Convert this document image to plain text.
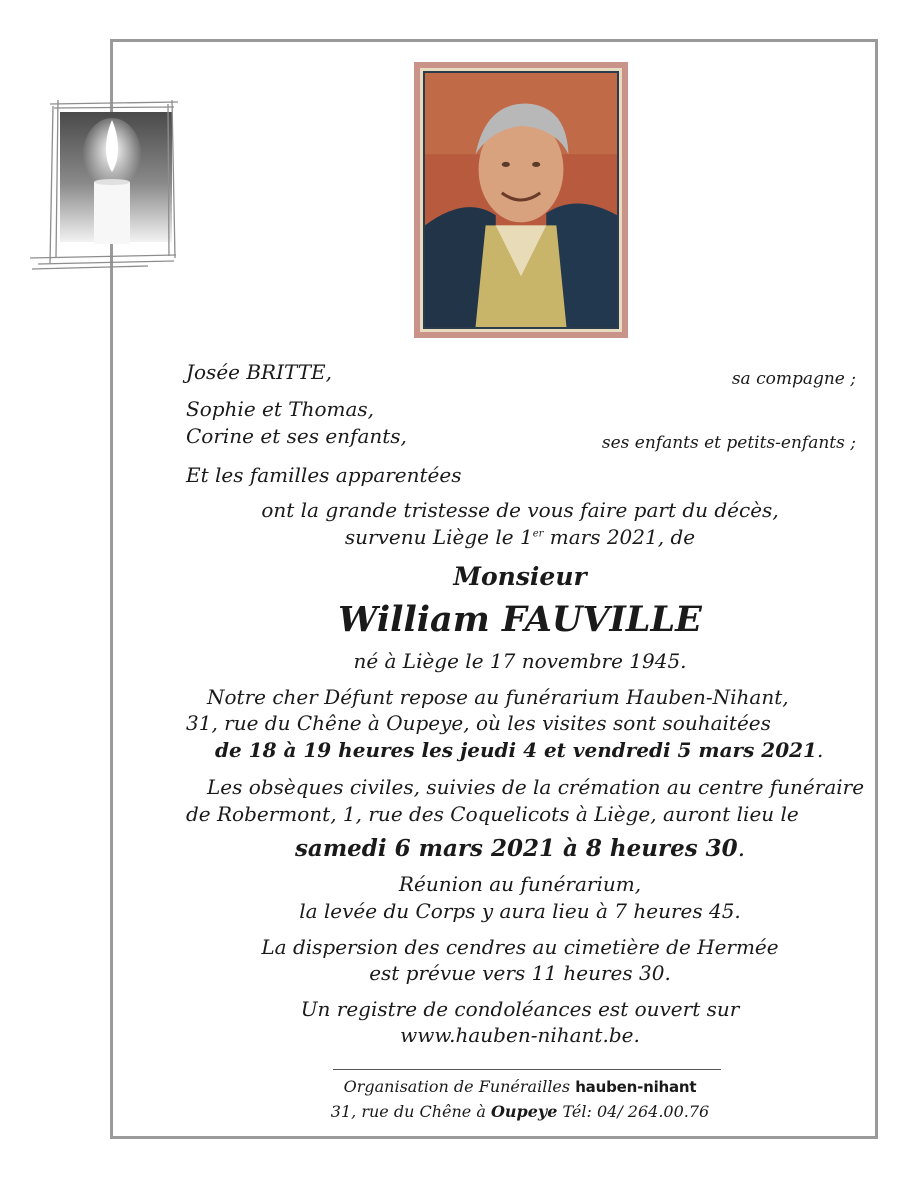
Josée BRITTE,	sa compagne ;
Sophie et Thomas,
Corine et ses enfants,	ses enfants et petits-enfants ;
Et les familles apparentées
ont la grande tristesse de vous faire part du décès,
survenu Liège le 1er mars 2021, de
Monsieur
William FAUVILLE
né à Liège le 17 novembre 1945.
Notre cher Défunt repose au funérarium Hauben-Nihant,
31, rue du Chêne à Oupeye, où les visites sont souhaitées
de 18 à 19 heures les jeudi 4 et vendredi 5 mars 2021.
Les obsèques civiles, suivies de la crémation au centre funéraire
de Robermont, 1, rue des Coquelicots à Liège, auront lieu le
samedi 6 mars 2021 à 8 heures 30.
Réunion au funérarium,
la levée du Corps y aura lieu à 7 heures 45.
La dispersion des cendres au cimetière de Hermée
est prévue vers 11 heures 30.
Un registre de condoléances est ouvert sur
www.hauben-nihant.be.
Organisation de Funérailles hauben-nihant
31, rue du Chêne à Oupeye Tél: 04/ 264.00.76
